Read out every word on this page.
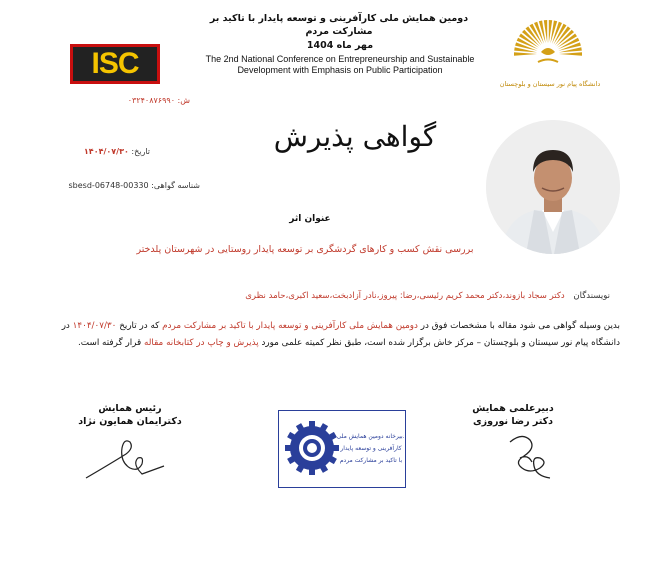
دومین همایش ملی کارآفرینی و توسعه پایدار با تاکید بر مشارکت مردم
مهر ماه 1404
The 2nd National Conference on Entrepreneurship and Sustainable
Development with Emphasis on Public Participation
ISC
دانشگاه پیام نور سیستان و بلوچستان
ش: ۰۳۲۴۰۸۷۶۹۹۰
گواهی پذیرش
تاریخ: ۱۴۰۴/۰۷/۳۰
شناسه گواهی: sbesd-06748-00330
عنوان اثر
بررسی نقش کسب و کارهای گردشگری بر توسعه پایدار روستایی در شهرستان پلدختر
نویسندگان دکتر سجاد بازوند،دکتر محمد کریم رئیسی،رضا: پیروز،نادر آزادبخت،سعید اکبری،حامد نظری
بدین وسیله گواهی می شود مقاله با مشخصات فوق در دومین همایش ملی کارآفرینی و توسعه پایدار با تاکید بر مشارکت مردم که در تاریخ ۱۴۰۴/۰۷/۳۰ در دانشگاه پیام نور سیستان و بلوچستان – مرکز خاش برگزار شده است، طبق نظر کمیته علمی مورد پذیرش و چاپ در کتابخانه مقاله قرار گرفته است.
دبیرعلمی همایش
دکتر رضا نوروزی
رئیس همایش
دکترایمان همایون نژاد
دبیرخانه دومین همایش ملی
کارآفرینی و توسعه پایدار
با تاکید بر مشارکت مردم
